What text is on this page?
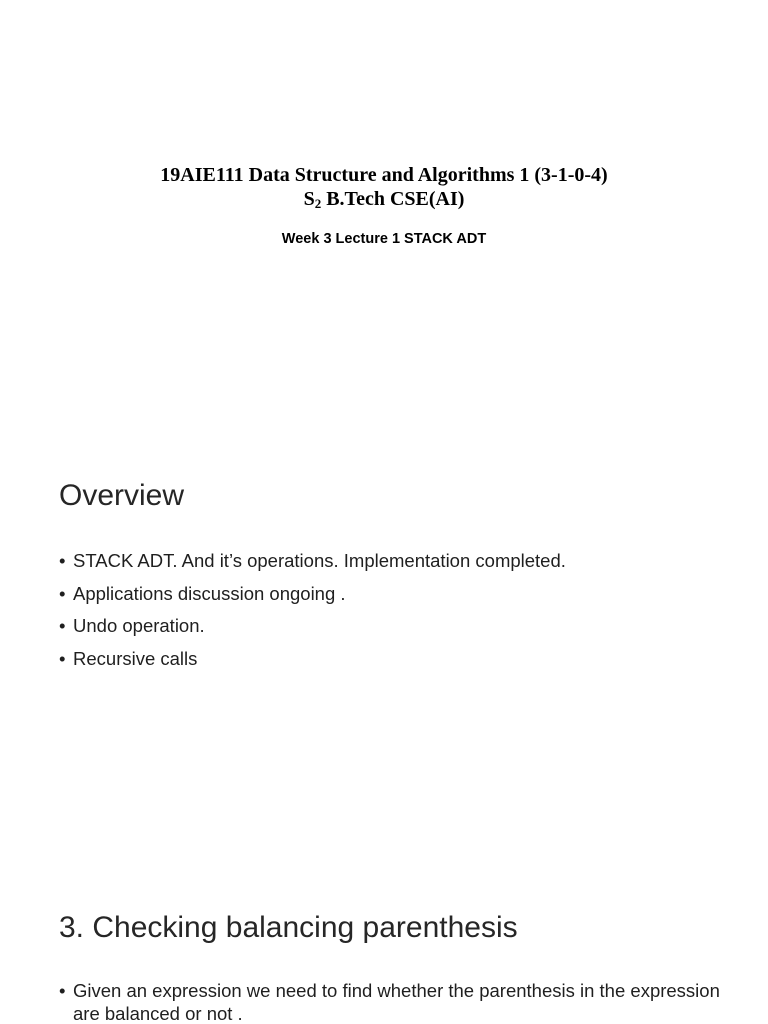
19AIE111 Data Structure and Algorithms 1 (3-1-0-4)
$S_2$ B.Tech CSE(AI)
Week 3 Lecture 1 STACK ADT
Overview
• STACK ADT. And it’s operations. Implementation completed.
• Applications discussion ongoing .
• Undo operation.
• Recursive calls
3. Checking balancing parenthesis
• Given an expression we need to find whether the parenthesis in the expression are balanced or not .
